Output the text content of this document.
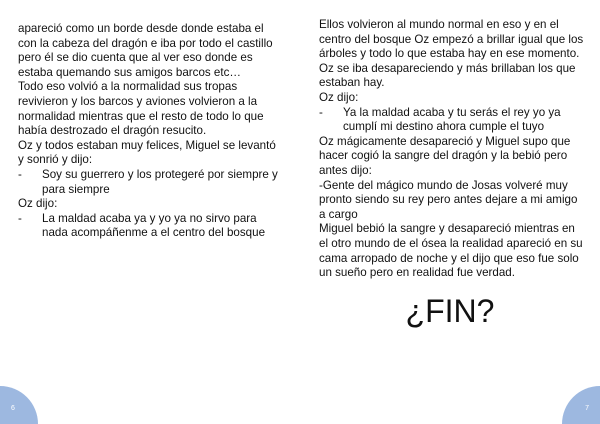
apareció como un borde desde donde estaba el con la cabeza del dragón e iba por todo el castillo pero él se dio cuenta que al ver eso donde es estaba quemando sus amigos barcos etc…

Todo eso volvió a la normalidad sus tropas revivieron y los barcos y aviones volvieron a la normalidad mientras que el resto de todo lo que había destrozado el dragón resucito.

Oz y todos estaban muy felices, Miguel se levantó y sonrió y dijo:

-	Soy su guerrero y los protegeré por siempre y para siempre

Oz dijo:

-	La maldad acaba ya y yo ya no sirvo para nada acompáñenme a el centro del bosque
6

Ellos volvieron al mundo normal en eso y en el centro del bosque Oz empezó a brillar igual que los árboles y todo lo que estaba hay en ese momento. Oz se iba desapareciendo y más brillaban los que estaban hay.

Oz dijo:

-	Ya la maldad acaba y tu serás el rey yo ya cumplí mi destino ahora cumple el tuyo

Oz mágicamente desapareció y Miguel supo que hacer cogió la sangre del dragón y la bebió pero antes dijo:

-Gente del mágico mundo de Josas volveré muy pronto siendo su rey pero antes dejare a mi amigo a cargo

Miguel bebió la sangre y desapareció mientras en el otro mundo de el ósea la realidad apareció en su cama arropado de noche y el dijo que eso fue solo un sueño pero en realidad fue verdad.

¿FIN?
7
